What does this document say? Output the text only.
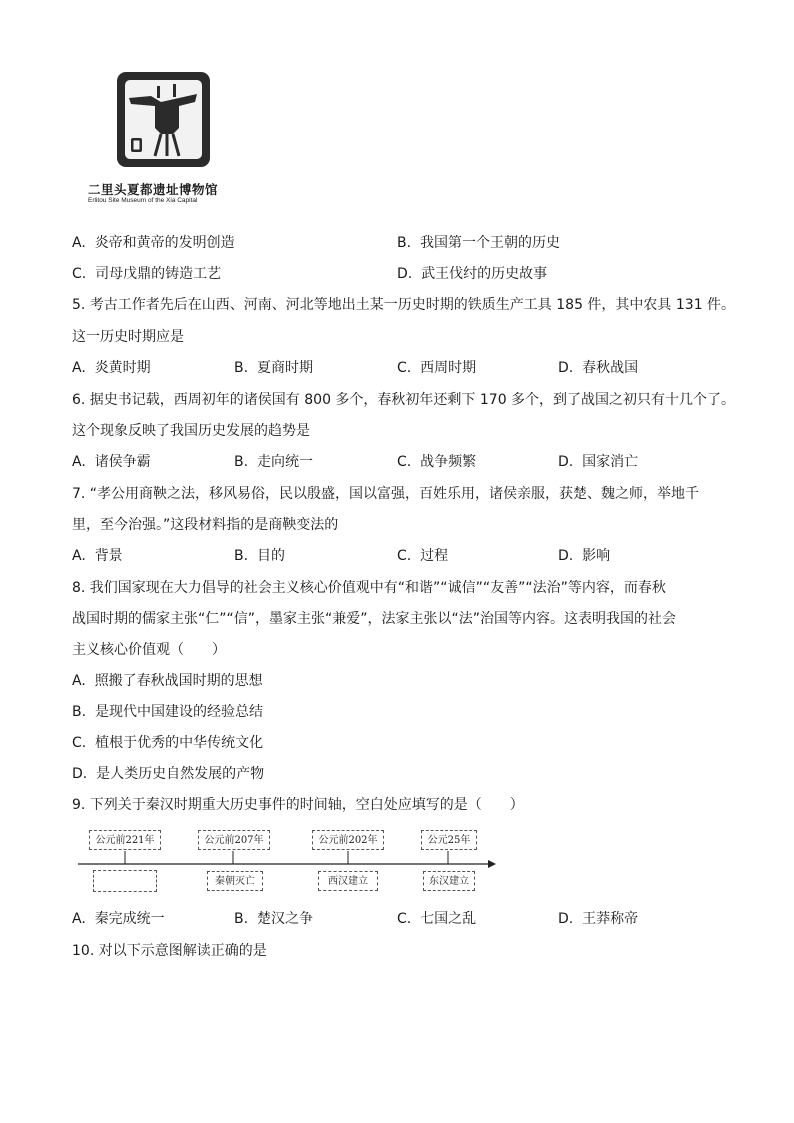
二里头夏都遗址博物馆
Erlitou Site Museum of the Xia Capital
A. 炎帝和黄帝的发明创造	B. 我国第一个王朝的历史
C. 司母戊鼎的铸造工艺	D. 武王伐纣的历史故事
5. 考古工作者先后在山西、河南、河北等地出土某一历史时期的铁质生产工具 185 件，其中农具 131 件。
这一历史时期应是
A. 炎黄时期	B. 夏商时期	C. 西周时期	D. 春秋战国
6. 据史书记载，西周初年的诸侯国有 800 多个，春秋初年还剩下 170 多个，到了战国之初只有十几个了。
这个现象反映了我国历史发展的趋势是
A. 诸侯争霸	B. 走向统一	C. 战争频繁	D. 国家消亡
7. “孝公用商鞅之法，移风易俗，民以殷盛，国以富强，百姓乐用，诸侯亲服，获楚、魏之师，举地千
里，至今治强。”这段材料指的是商鞅变法的
A. 背景	B. 目的	C. 过程	D. 影响
8. 我们国家现在大力倡导的社会主义核心价值观中有“和谐”“诚信”“友善”“法治”等内容，而春秋
战国时期的儒家主张“仁”“信”，墨家主张“兼爱”，法家主张以“法”治国等内容。这表明我国的社会
主义核心价值观（　　）
A. 照搬了春秋战国时期的思想
B. 是现代中国建设的经验总结
C. 植根于优秀的中华传统文化
D. 是人类历史自然发展的产物
9. 下列关于秦汉时期重大历史事件的时间轴，空白处应填写的是（　　）
公元前221年	公元前207年	公元前202年	公元25年
秦朝灭亡	西汉建立	东汉建立
A. 秦完成统一	B. 楚汉之争	C. 七国之乱	D. 王莽称帝
10. 对以下示意图解读正确的是
